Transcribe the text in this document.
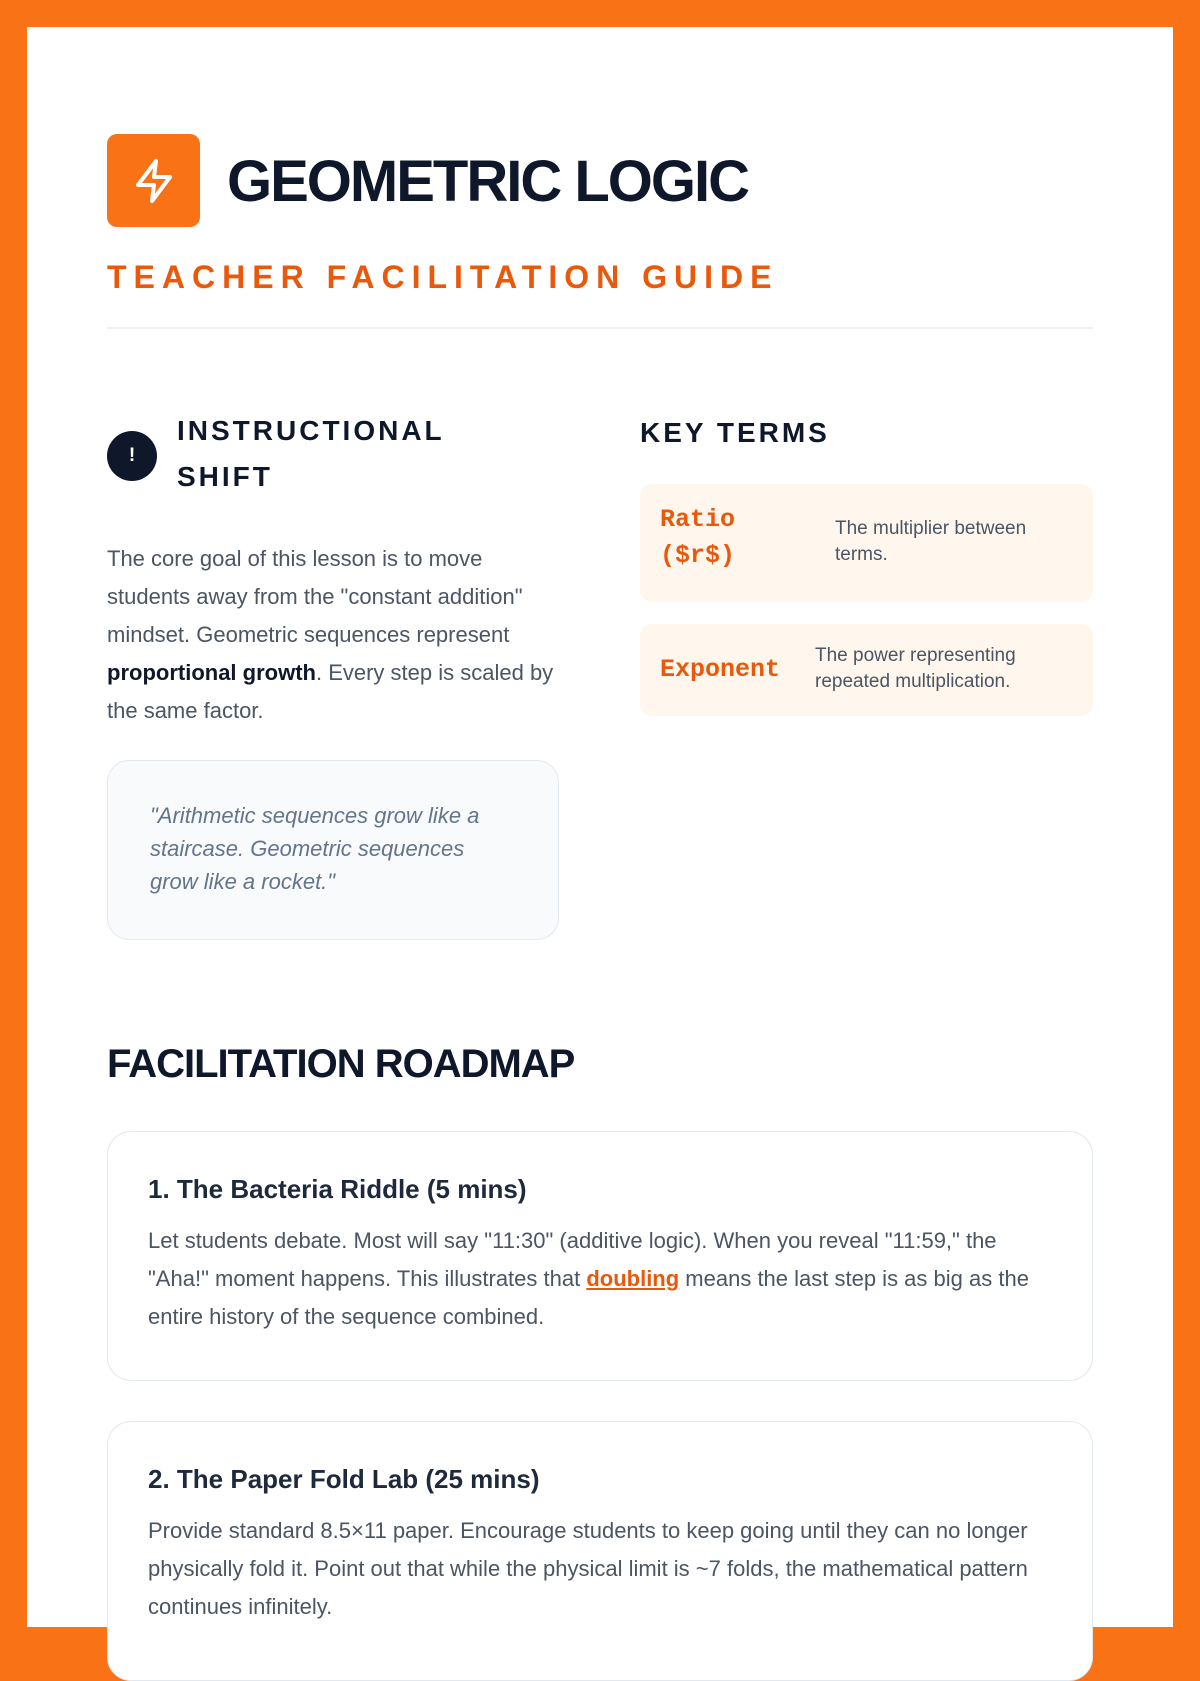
GEOMETRIC LOGIC
TEACHER FACILITATION GUIDE
!
INSTRUCTIONAL SHIFT

The core goal of this lesson is to move students away from the "constant addition" mindset. Geometric sequences represent proportional growth. Every step is scaled by the same factor.

"Arithmetic sequences grow like a staircase. Geometric sequences grow like a rocket."

KEY TERMS
Ratio ($r$)
The multiplier between terms.
Exponent The power representing repeated multiplication.
FACILITATION ROADMAP
1. The Bacteria Riddle (5 mins)

Let students debate. Most will say "11:30" (additive logic). When you reveal "11:59," the "Aha!" moment happens. This illustrates that doubling means the last step is as big as the entire history of the sequence combined.

2. The Paper Fold Lab (25 mins)

Provide standard 8.5×11 paper. Encourage students to keep going until they can no longer physically fold it. Point out that while the physical limit is ~7 folds, the mathematical pattern continues infinitely.
